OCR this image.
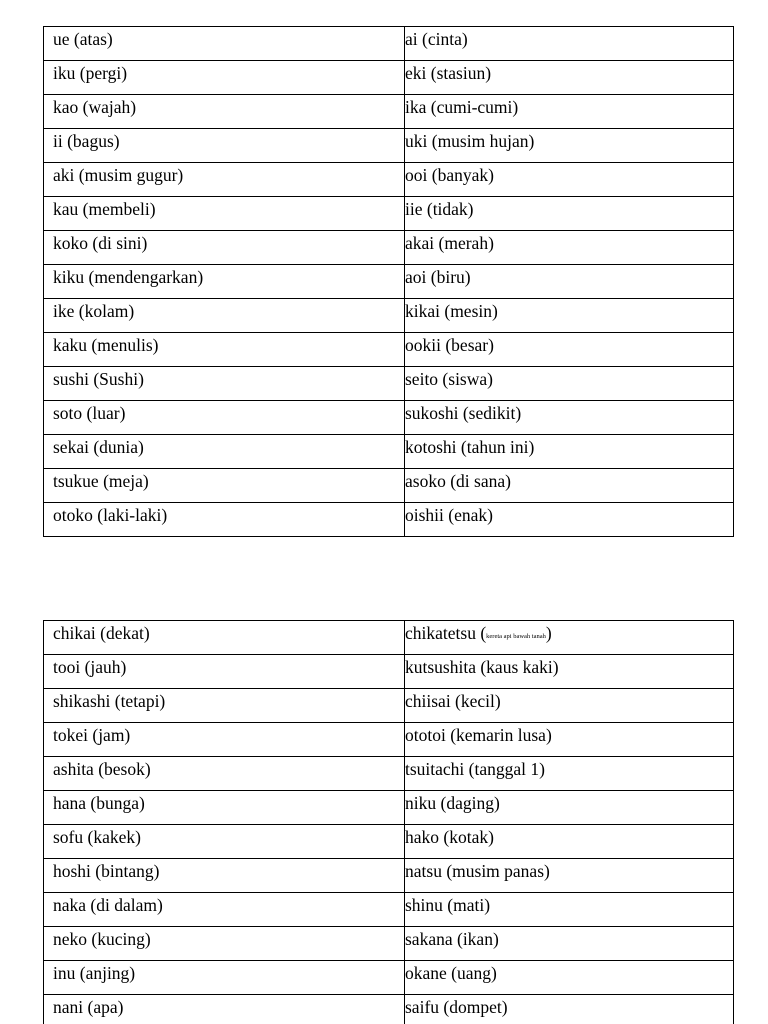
ue (atas)	ai (cinta)
iku (pergi)	eki (stasiun)
kao (wajah)	ika (cumi-cumi)
ii (bagus)	uki (musim hujan)
aki (musim gugur)	ooi (banyak)
kau (membeli)	iie (tidak)
koko (di sini)	akai (merah)
kiku (mendengarkan)	aoi (biru)
ike (kolam)	kikai (mesin)
kaku (menulis)	ookii (besar)
sushi (Sushi)	seito (siswa)
soto (luar)	sukoshi (sedikit)
sekai (dunia)	kotoshi (tahun ini)
tsukue (meja)	asoko (di sana)
otoko (laki-laki)	oishii (enak)
chikai (dekat)	chikatetsu (kereta api bawah tanah)
tooi (jauh)	kutsushita (kaus kaki)
shikashi (tetapi)	chiisai (kecil)
tokei (jam)	ototoi (kemarin lusa)
ashita (besok)	tsuitachi (tanggal 1)
hana (bunga)	niku (daging)
sofu (kakek)	hako (kotak)
hoshi (bintang)	natsu (musim panas)
naka (di dalam)	shinu (mati)
neko (kucing)	sakana (ikan)
inu (anjing)	okane (uang)
nani (apa)	saifu (dompet)
